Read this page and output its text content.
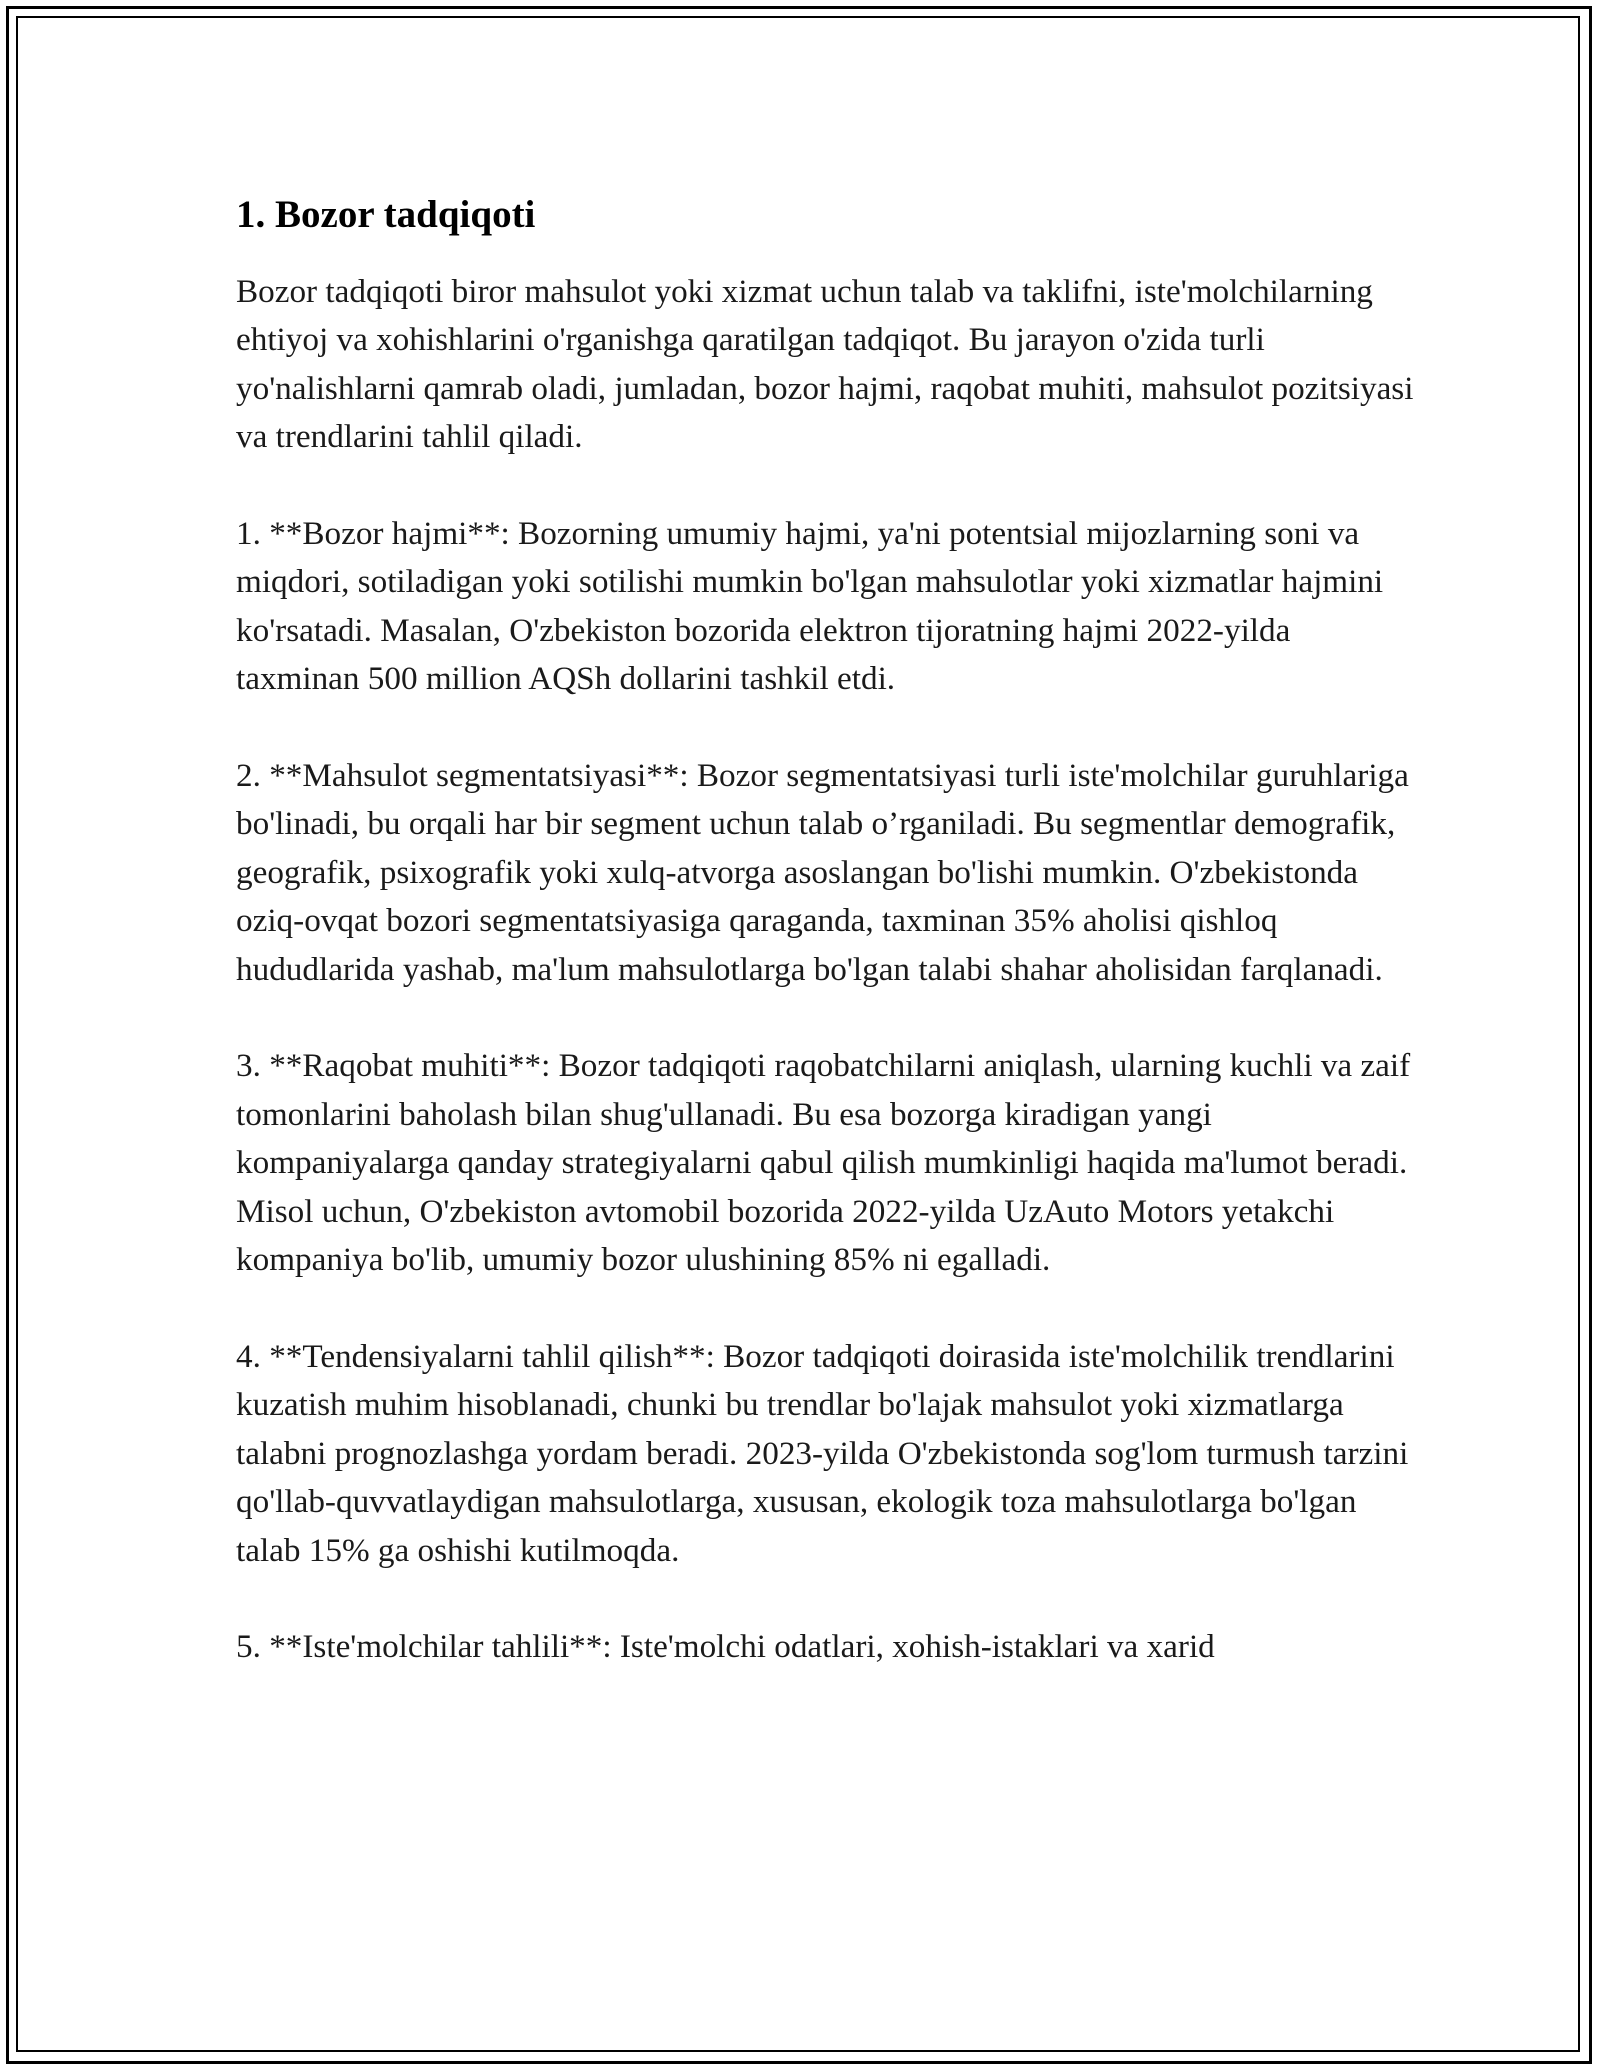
1. Bozor tadqiqoti

Bozor tadqiqoti biror mahsulot yoki xizmat uchun talab va taklifni, iste'molchilarning ehtiyoj va xohishlarini o'rganishga qaratilgan tadqiqot. Bu jarayon o'zida turli yo'nalishlarni qamrab oladi, jumladan, bozor hajmi, raqobat muhiti, mahsulot pozitsiyasi va trendlarini tahlil qiladi.

1. **Bozor hajmi**: Bozorning umumiy hajmi, ya'ni potentsial mijozlarning soni va miqdori, sotiladigan yoki sotilishi mumkin bo'lgan mahsulotlar yoki xizmatlar hajmini ko'rsatadi. Masalan, O'zbekiston bozorida elektron tijoratning hajmi 2022-yilda taxminan 500 million AQSh dollarini tashkil etdi.

2. **Mahsulot segmentatsiyasi**: Bozor segmentatsiyasi turli iste'molchilar guruhlariga bo'linadi, bu orqali har bir segment uchun talab o’rganiladi. Bu segmentlar demografik, geografik, psixografik yoki xulq-atvorga asoslangan bo'lishi mumkin. O'zbekistonda oziq-ovqat bozori segmentatsiyasiga qaraganda, taxminan 35% aholisi qishloq hududlarida yashab, ma'lum mahsulotlarga bo'lgan talabi shahar aholisidan farqlanadi.

3. **Raqobat muhiti**: Bozor tadqiqoti raqobatchilarni aniqlash, ularning kuchli va zaif tomonlarini baholash bilan shug'ullanadi. Bu esa bozorga kiradigan yangi kompaniyalarga qanday strategiyalarni qabul qilish mumkinligi haqida ma'lumot beradi. Misol uchun, O'zbekiston avtomobil bozorida 2022-yilda UzAuto Motors yetakchi kompaniya bo'lib, umumiy bozor ulushining 85% ni egalladi.

4. **Tendensiyalarni tahlil qilish**: Bozor tadqiqoti doirasida iste'molchilik trendlarini kuzatish muhim hisoblanadi, chunki bu trendlar bo'lajak mahsulot yoki xizmatlarga talabni prognozlashga yordam beradi. 2023-yilda O'zbekistonda sog'lom turmush tarzini qo'llab-quvvatlaydigan mahsulotlarga, xususan, ekologik toza mahsulotlarga bo'lgan talab 15% ga oshishi kutilmoqda.

5. **Iste'molchilar tahlili**: Iste'molchi odatlari, xohish-istaklari va xarid
